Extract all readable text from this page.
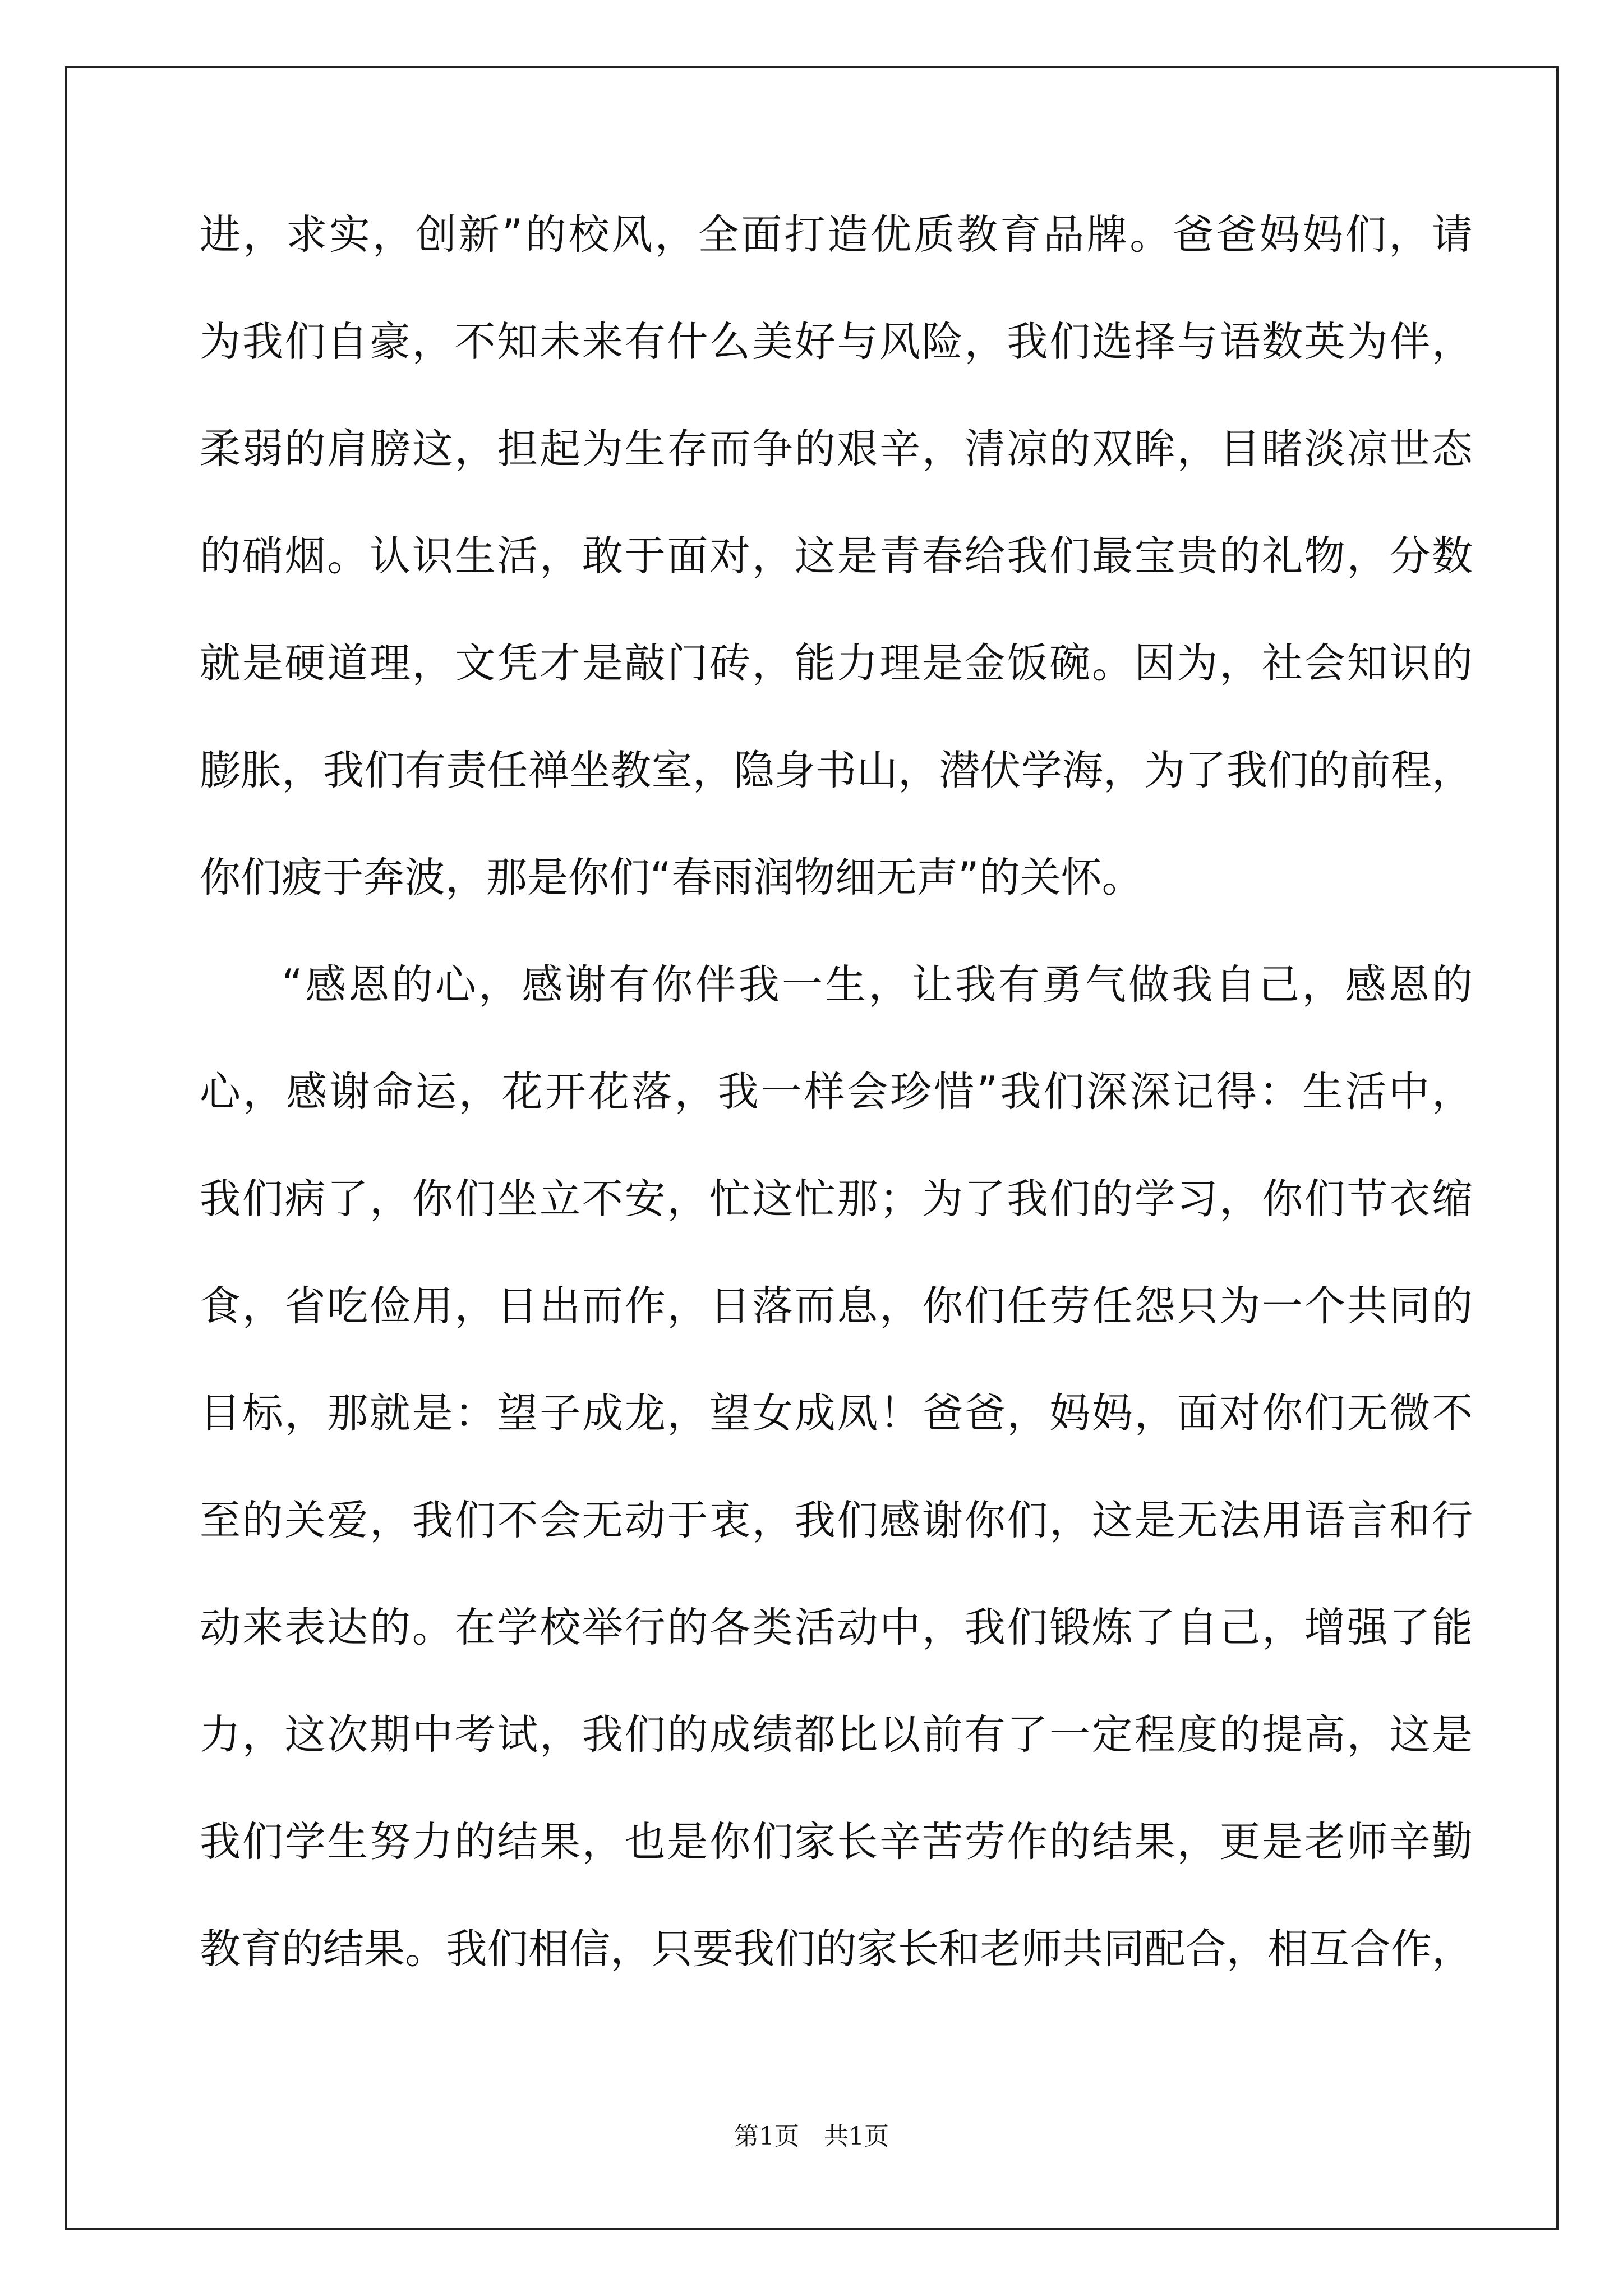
进，求实，创新”的校风，全面打造优质教育品牌。爸爸妈妈们，请
为我们自豪，不知未来有什么美好与风险，我们选择与语数英为伴，
柔弱的肩膀这，担起为生存而争的艰辛，清凉的双眸，目睹淡凉世态
的硝烟。认识生活，敢于面对，这是青春给我们最宝贵的礼物，分数
就是硬道理，文凭才是敲门砖，能力理是金饭碗。因为，社会知识的
膨胀，我们有责任禅坐教室，隐身书山，潜伏学海，为了我们的前程，
你们疲于奔波，那是你们“春雨润物细无声”的关怀。
“感恩的心，感谢有你伴我一生，让我有勇气做我自己，感恩的
心，感谢命运，花开花落，我一样会珍惜”我们深深记得：生活中，
我们病了，你们坐立不安，忙这忙那；为了我们的学习，你们节衣缩
食，省吃俭用，日出而作，日落而息，你们任劳任怨只为一个共同的
目标，那就是：望子成龙，望女成凤！爸爸，妈妈，面对你们无微不
至的关爱，我们不会无动于衷，我们感谢你们，这是无法用语言和行
动来表达的。在学校举行的各类活动中，我们锻炼了自己，增强了能
力，这次期中考试，我们的成绩都比以前有了一定程度的提高，这是
我们学生努力的结果，也是你们家长辛苦劳作的结果，更是老师辛勤
教育的结果。我们相信，只要我们的家长和老师共同配合，相互合作，
第1页　共1页
